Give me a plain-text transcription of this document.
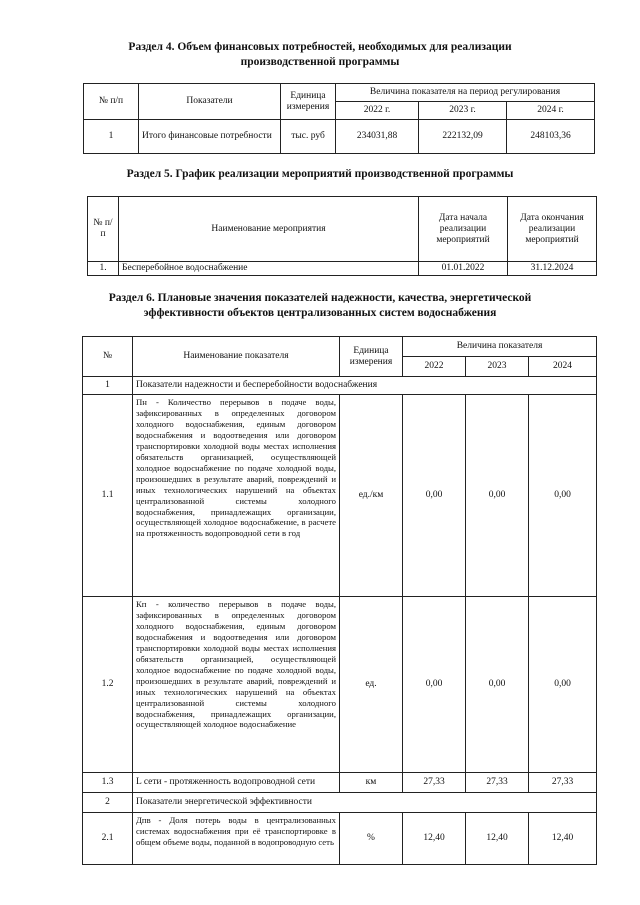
Раздел 4. Объем финансовых потребностей, необходимых для реализации
производственной программы
№ п/п	Показатели	Единица измерения	Величина показателя на период регулирования		
			2022 г.	2023 г.	2024 г.
1	Итого финансовые потребности	тыс. руб	234031,88	222132,09	248103,36
Раздел 5. График реализации мероприятий производственной программы
№ п/п	Наименование мероприятия	Дата начала реализации мероприятий	Дата окончания реализации мероприятий
1.	Бесперебойное водоснабжение	01.01.2022	31.12.2024
Раздел 6. Плановые значения показателей надежности, качества, энергетической
эффективности объектов централизованных систем водоснабжения
№	Наименование показателя	Единица измерения	Величина показателя		
			2022	2023	2024
1	Показатели надежности и бесперебойности водоснабжения				
1.1	Пн - Количество перерывов в подаче воды, зафиксированных в определенных договором холодного водоснабжения, единым договором водоснабжения и водоотведения или договором транспортировки холодной воды местах исполнения обязательств организацией, осуществляющей холодное водоснабжение по подаче холодной воды, произошедших в результате аварий, повреждений и иных технологических нарушений на объектах централизованной системы холодного водоснабжения, принадлежащих организации, осуществляющей холодное водоснабжение, в расчете на протяженность водопроводной сети в год	ед./км	0,00	0,00	0,00
1.2	Кп - количество перерывов в подаче воды, зафиксированных в определенных договором холодного водоснабжения, единым договором водоснабжения и водоотведения или договором транспортировки холодной воды местах исполнения обязательств организацией, осуществляющей холодное водоснабжение по подаче холодной воды, произошедших в результате аварий, повреждений и иных технологических нарушений на объектах централизованной системы холодного водоснабжения, принадлежащих организации, осуществляющей холодное водоснабжение	ед.	0,00	0,00	0,00
1.3	L сети - протяженность водопроводной сети	км	27,33	27,33	27,33
2	Показатели энергетической эффективности				
2.1	Дпв - Доля потерь воды в централизованных системах водоснабжения при её транспортировке в общем объеме воды, поданной в водопроводную сеть	%	12,40	12,40	12,40
